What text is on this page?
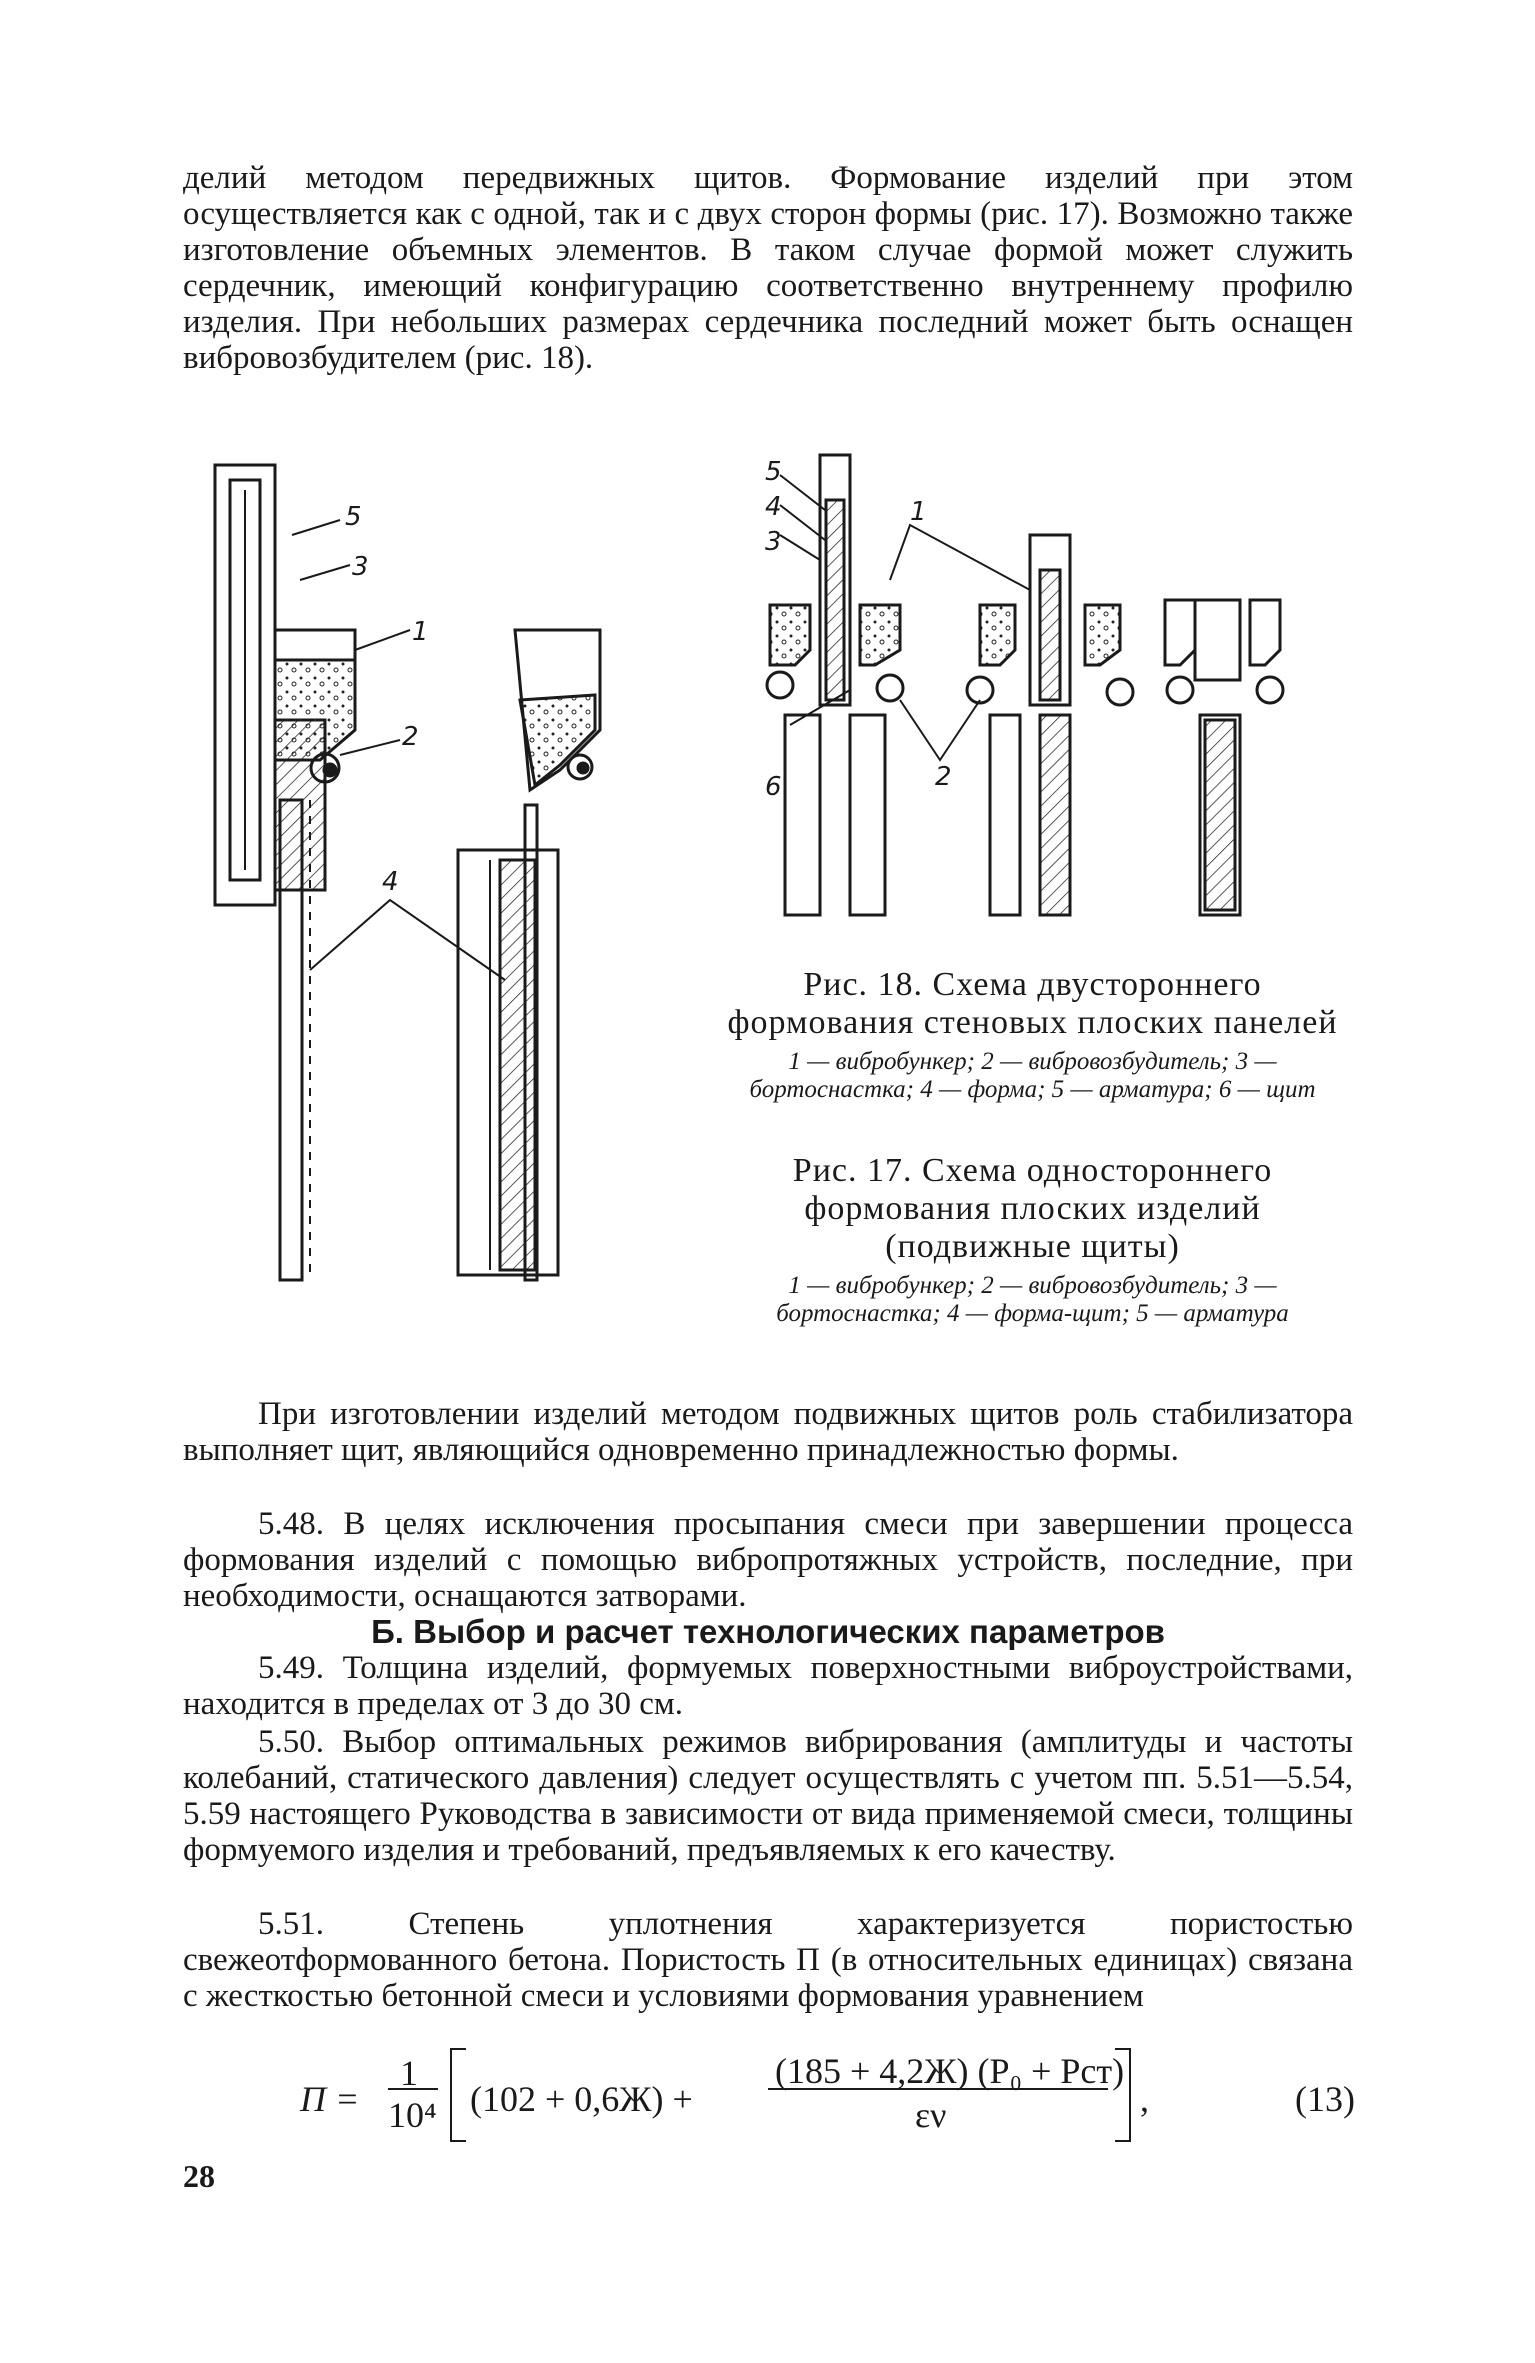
делий методом передвижных щитов. Формование изделий при этом осуществляется как с одной, так и с двух сторон формы (рис. 17). Возможно также изготовление объемных элементов. В таком случае формой может служить сердечник, имеющий конфигурацию соответственно внутреннему профилю изделия. При небольших размерах сердечника последний может быть оснащен вибровозбудителем (рис. 18).

5
3
1
2
4
5
4
3
1
6	2

Рис. 18. Схема двустороннего формования стеновых плоских панелей

1 — вибробункер; 2 — вибровозбудитель; 3 — бортоснастка; 4 — форма; 5 — арматура; 6 — щит

Рис. 17. Схема одностороннего формования плоских изделий (подвижные щиты)

1 — вибробункер; 2 — вибровозбудитель; 3 — бортоснастка; 4 — форма-щит; 5 — арматура

При изготовлении изделий методом подвижных щитов роль стабилизатора выполняет щит, являющийся одновременно принадлежностью формы.

5.48. В целях исключения просыпания смеси при завершении процесса формования изделий с помощью вибропротяжных устройств, последние, при необходимости, оснащаются затворами.

Б. Выбор и расчет технологических параметров

5.49. Толщина изделий, формуемых поверхностными виброустройствами, находится в пределах от 3 до 30 см.

5.50. Выбор оптимальных режимов вибрирования (амплитуды и частоты колебаний, статического давления) следует осуществлять с учетом пп. 5.51—5.54, 5.59 настоящего Руководства в зависимости от вида применяемой смеси, толщины формуемого изделия и требований, предъявляемых к его качеству.

5.51. Степень уплотнения характеризуется пористостью свежеотформованного бетона. Пористость П (в относительных единицах) связана с жесткостью бетонной смеси и условиями формования уравнением

П =
1
10⁴ (102 + 0,6Ж) +
(185 + 4,2Ж) (P₀ + Pст)
εν	,	(13)
28
